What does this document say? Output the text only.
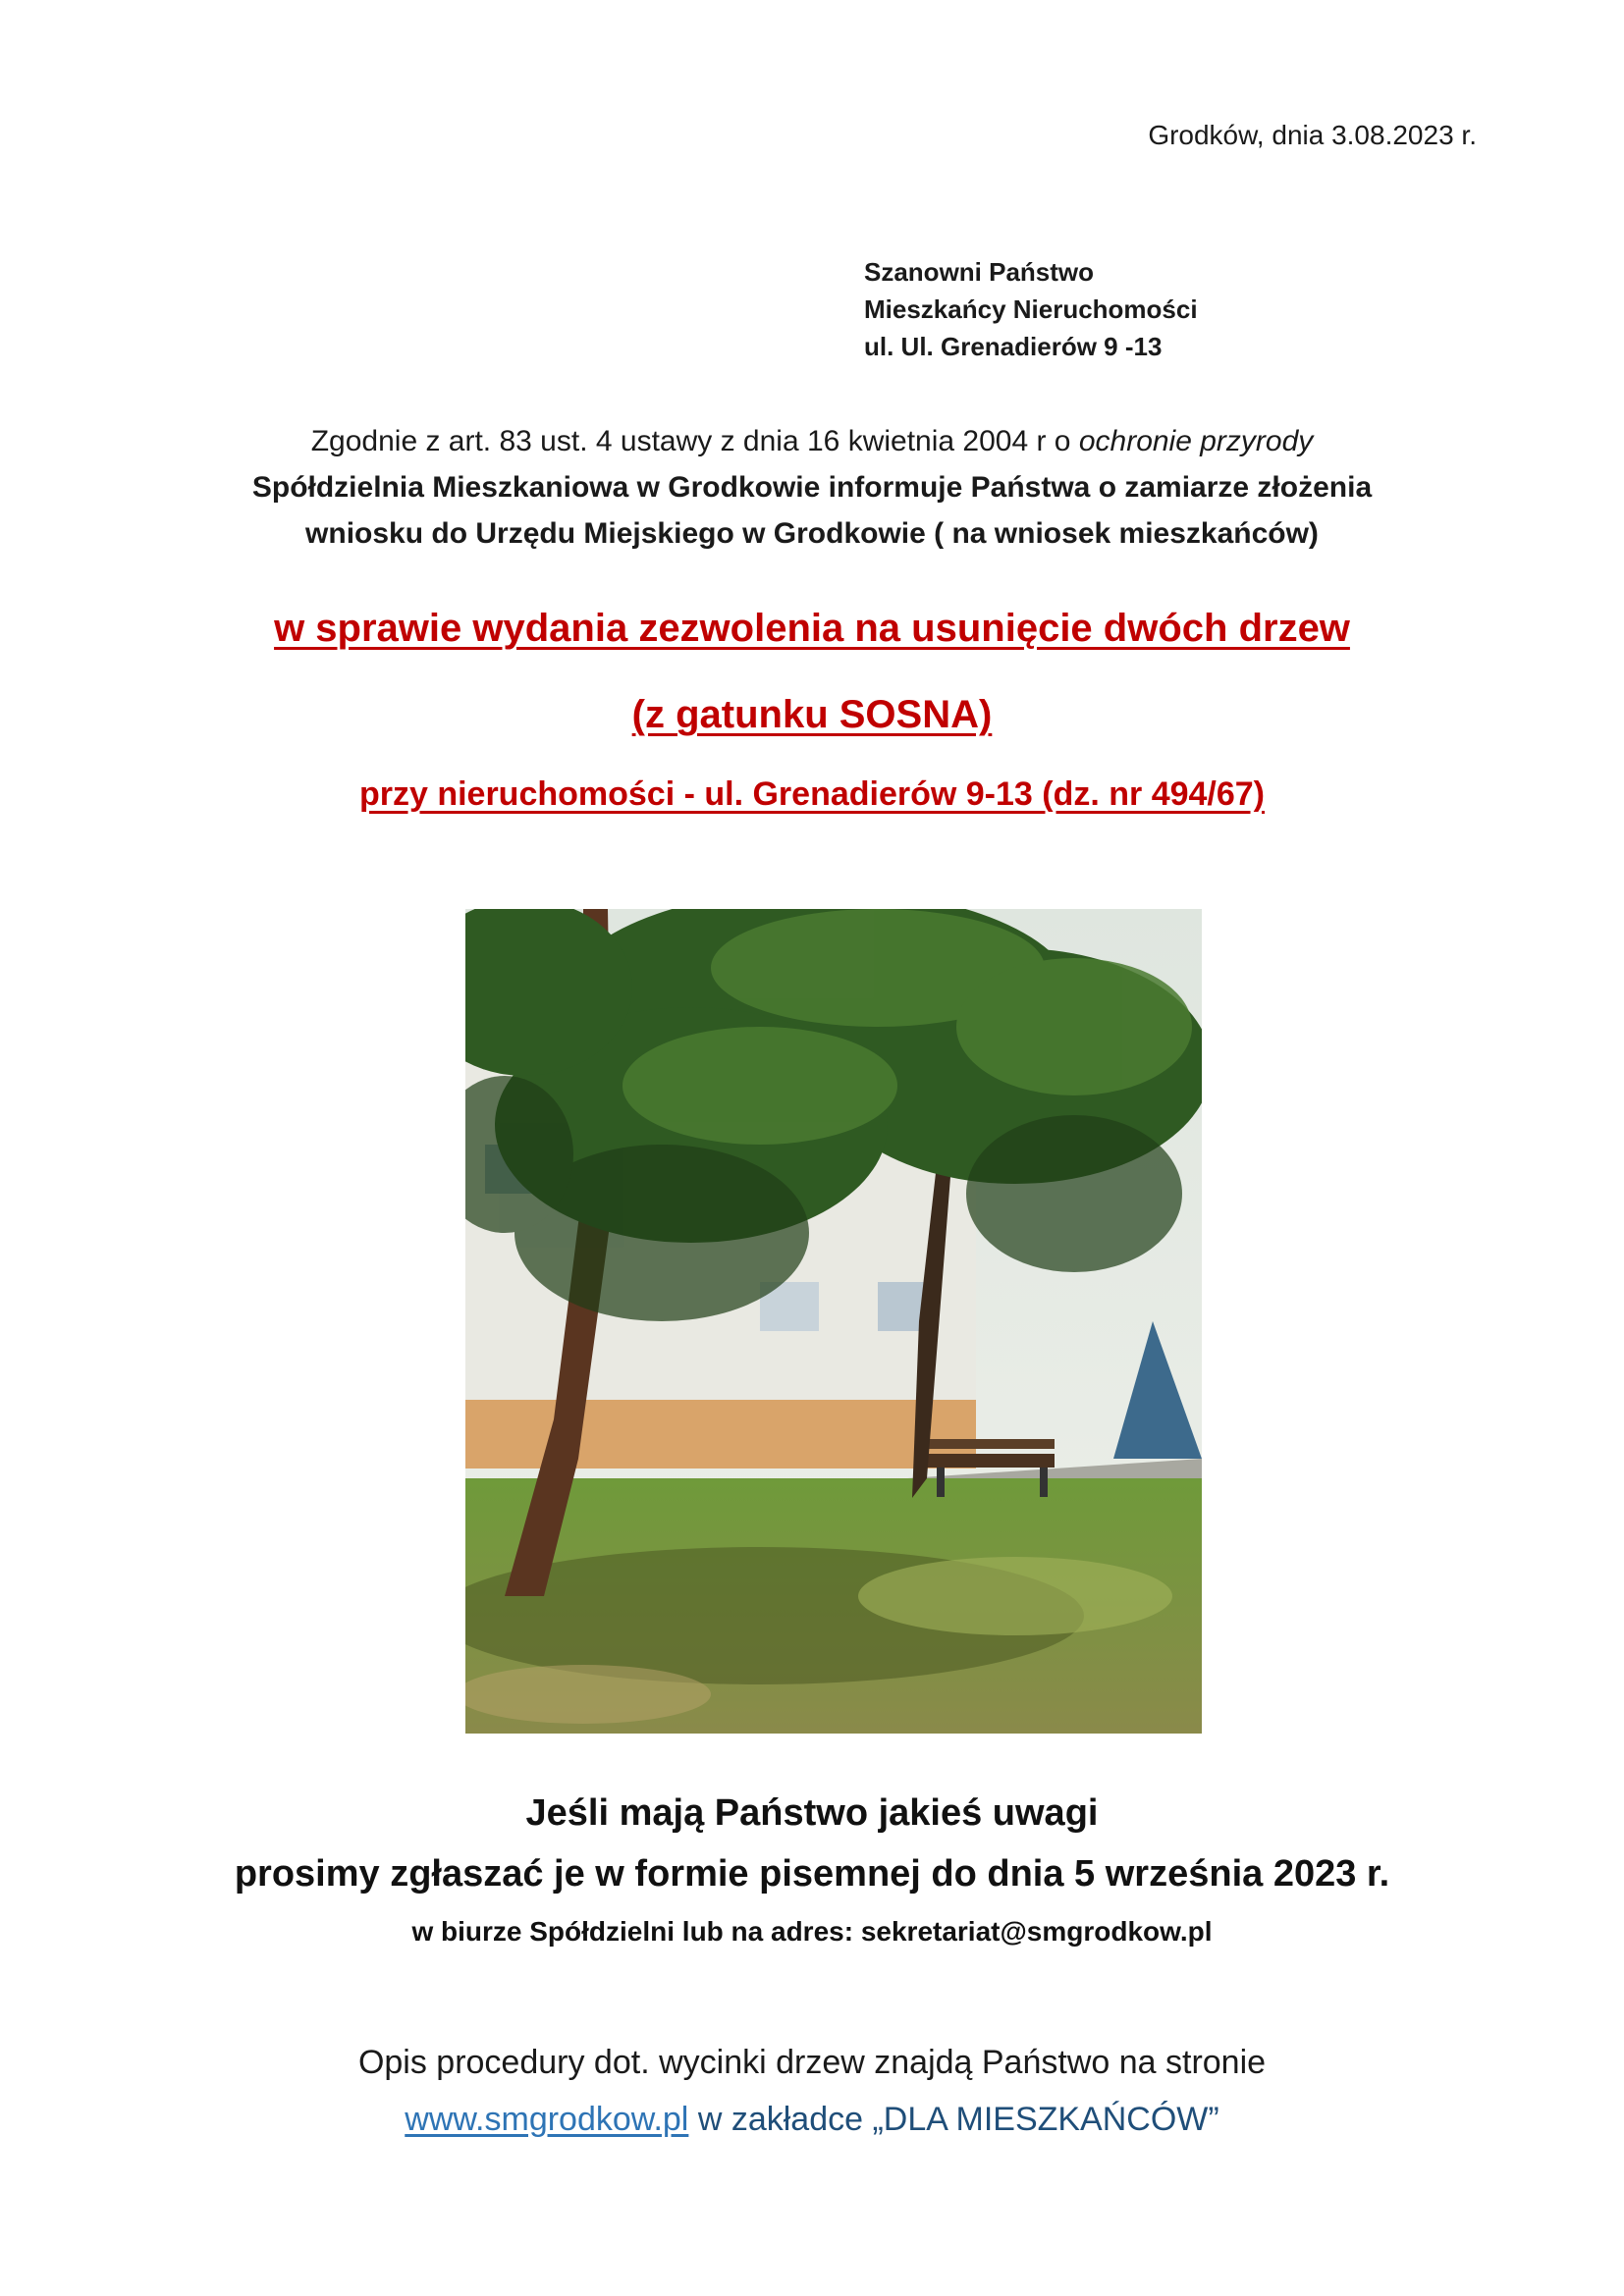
Grodków, dnia 3.08.2023 r.
Szanowni Państwo
Mieszkańcy Nieruchomości
ul. Ul. Grenadierów 9 -13
Zgodnie z art. 83 ust. 4 ustawy z dnia 16 kwietnia 2004 r o ochronie przyrody
Spółdzielnia Mieszkaniowa w Grodkowie informuje Państwa o zamiarze złożenia
wniosku do Urzędu Miejskiego w Grodkowie ( na wniosek mieszkańców)
w sprawie wydania zezwolenia na usunięcie dwóch drzew
(z gatunku SOSNA)
przy nieruchomości - ul. Grenadierów 9-13 (dz. nr 494/67)
Jeśli mają Państwo jakieś uwagi
prosimy zgłaszać je w formie pisemnej do dnia 5 września 2023 r.
w biurze Spółdzielni lub na adres: sekretariat@smgrodkow.pl
Opis procedury dot. wycinki drzew znajdą Państwo na stronie
www.smgrodkow.pl w zakładce „DLA MIESZKAŃCÓW”
